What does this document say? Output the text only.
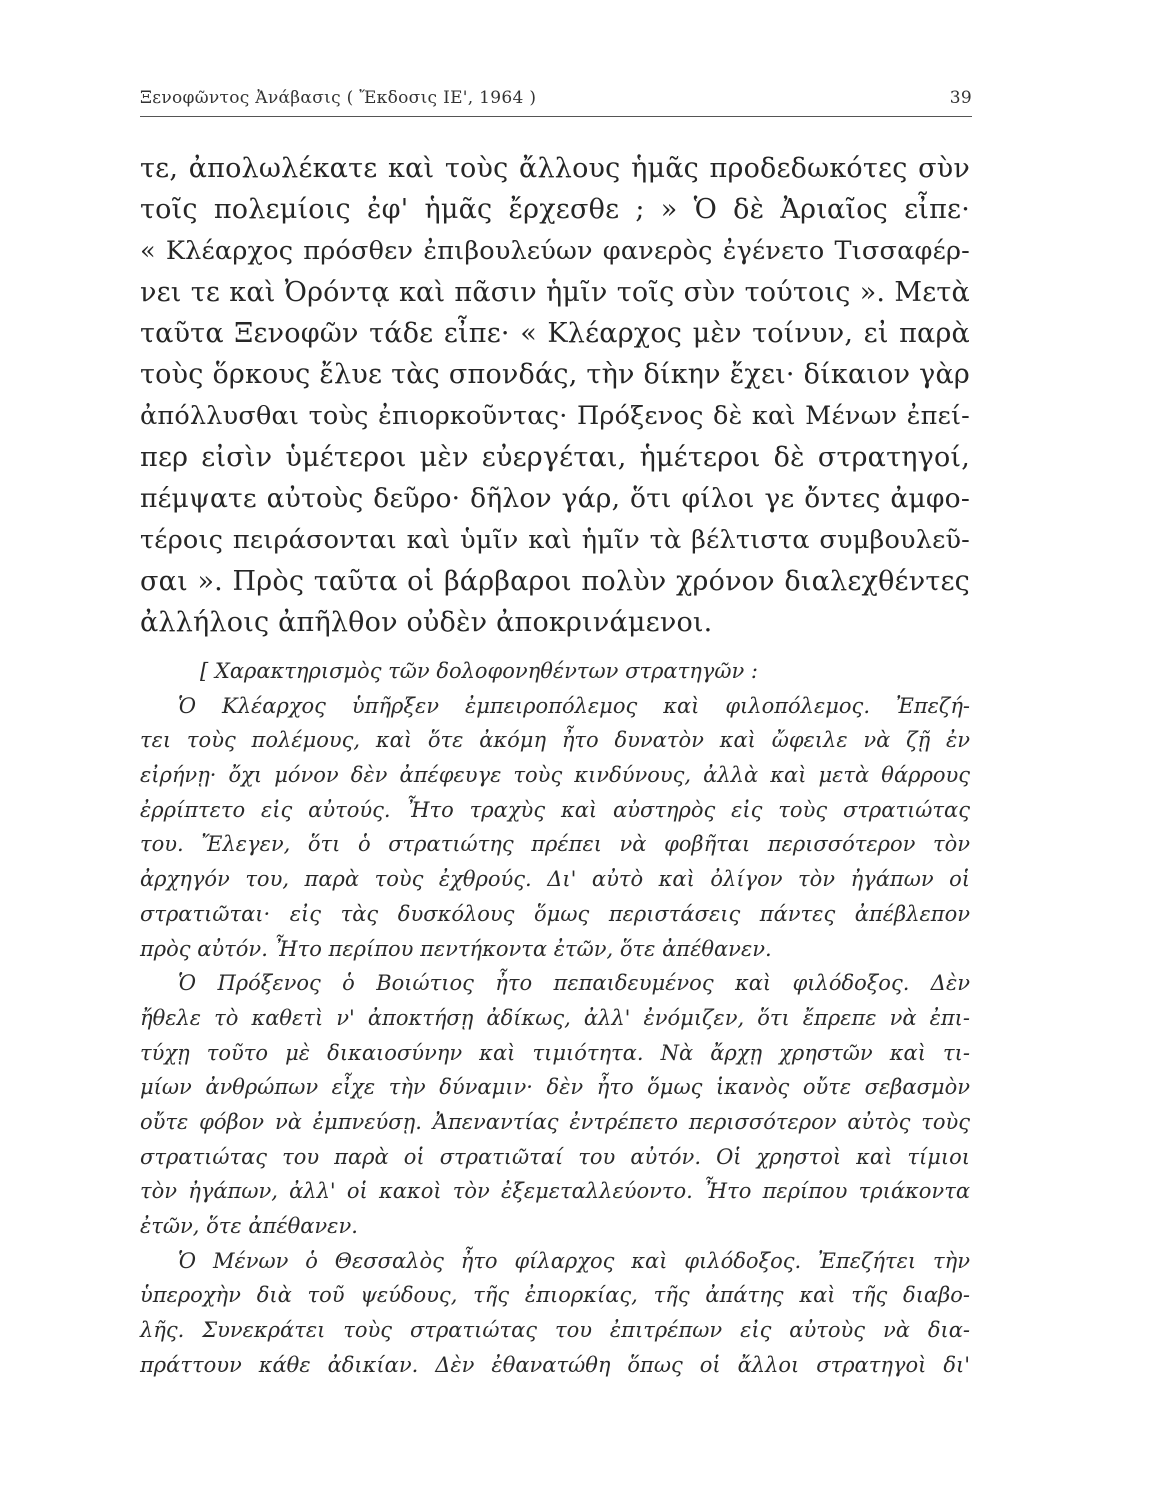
Ξενοφῶντος Ἀνάβασις ( Ἔκδοσις ΙΕ', 1964 )	39
τε, ἀπολωλέκατε καὶ τοὺς ἄλλους ἡμᾶς προδεδωκότες σὺν
τοῖς πολεμίοις ἐφ' ἡμᾶς ἔρχεσθε ; » Ὁ δὲ Ἀριαῖος εἶπε·
« Κλέαρχος πρόσθεν ἐπιβουλεύων φανερὸς ἐγένετο Τισσαφέρ-
νει τε καὶ Ὀρόντᾳ καὶ πᾶσιν ἡμῖν τοῖς σὺν τούτοις ». Μετὰ
ταῦτα Ξενοφῶν τάδε εἶπε· « Κλέαρχος μὲν τοίνυν, εἰ παρὰ
τοὺς ὅρκους ἔλυε τὰς σπονδάς, τὴν δίκην ἔχει· δίκαιον γὰρ
ἀπόλλυσθαι τοὺς ἐπιορκοῦντας· Πρόξενος δὲ καὶ Μένων ἐπεί-
περ εἰσὶν ὑμέτεροι μὲν εὐεργέται, ἡμέτεροι δὲ στρατηγοί,
πέμψατε αὐτοὺς δεῦρο· δῆλον γάρ, ὅτι φίλοι γε ὄντες ἀμφο-
τέροις πειράσονται καὶ ὑμῖν καὶ ἡμῖν τὰ βέλτιστα συμβουλεῦ-
σαι ». Πρὸς ταῦτα οἱ βάρβαροι πολὺν χρόνον διαλεχθέντες
ἀλλήλοις ἀπῆλθον οὐδὲν ἀποκρινάμενοι.
[ Χαρακτηρισμὸς τῶν δολοφονηθέντων στρατηγῶν :
Ὁ Κλέαρχος ὑπῆρξεν ἐμπειροπόλεμος καὶ φιλοπόλεμος. Ἐπεζή-
τει τοὺς πολέμους, καὶ ὅτε ἀκόμη ἦτο δυνατὸν καὶ ὤφειλε νὰ ζῇ ἐν
εἰρήνῃ· ὄχι μόνον δὲν ἀπέφευγε τοὺς κινδύνους, ἀλλὰ καὶ μετὰ θάρρους
ἐρρίπτετο εἰς αὐτούς. Ἦτο τραχὺς καὶ αὐστηρὸς εἰς τοὺς στρατιώτας
του. Ἔλεγεν, ὅτι ὁ στρατιώτης πρέπει νὰ φοβῆται περισσότερον τὸν
ἀρχηγόν του, παρὰ τοὺς ἐχθρούς. Δι' αὐτὸ καὶ ὀλίγον τὸν ἠγάπων οἱ
στρατιῶται· εἰς τὰς δυσκόλους ὅμως περιστάσεις πάντες ἀπέβλεπον
πρὸς αὐτόν. Ἦτο περίπου πεντήκοντα ἐτῶν, ὅτε ἀπέθανεν.
Ὁ Πρόξενος ὁ Βοιώτιος ἦτο πεπαιδευμένος καὶ φιλόδοξος. Δὲν
ἤθελε τὸ καθετὶ ν' ἀποκτήσῃ ἀδίκως, ἀλλ' ἐνόμιζεν, ὅτι ἔπρεπε νὰ ἐπι-
τύχῃ τοῦτο μὲ δικαιοσύνην καὶ τιμιότητα. Νὰ ἄρχῃ χρηστῶν καὶ τι-
μίων ἀνθρώπων εἶχε τὴν δύναμιν· δὲν ἦτο ὅμως ἱκανὸς οὔτε σεβασμὸν
οὔτε φόβον νὰ ἐμπνεύσῃ. Ἀπεναντίας ἐντρέπετο περισσότερον αὐτὸς τοὺς
στρατιώτας του παρὰ οἱ στρατιῶταί του αὐτόν. Οἱ χρηστοὶ καὶ τίμιοι
τὸν ἠγάπων, ἀλλ' οἱ κακοὶ τὸν ἐξεμεταλλεύοντο. Ἦτο περίπου τριάκοντα
ἐτῶν, ὅτε ἀπέθανεν.
Ὁ Μένων ὁ Θεσσαλὸς ἦτο φίλαρχος καὶ φιλόδοξος. Ἐπεζήτει τὴν
ὑπεροχὴν διὰ τοῦ ψεύδους, τῆς ἐπιορκίας, τῆς ἀπάτης καὶ τῆς διαβο-
λῆς. Συνεκράτει τοὺς στρατιώτας του ἐπιτρέπων εἰς αὐτοὺς νὰ δια-
πράττουν κάθε ἀδικίαν. Δὲν ἐθανατώθη ὅπως οἱ ἄλλοι στρατηγοὶ δι'
